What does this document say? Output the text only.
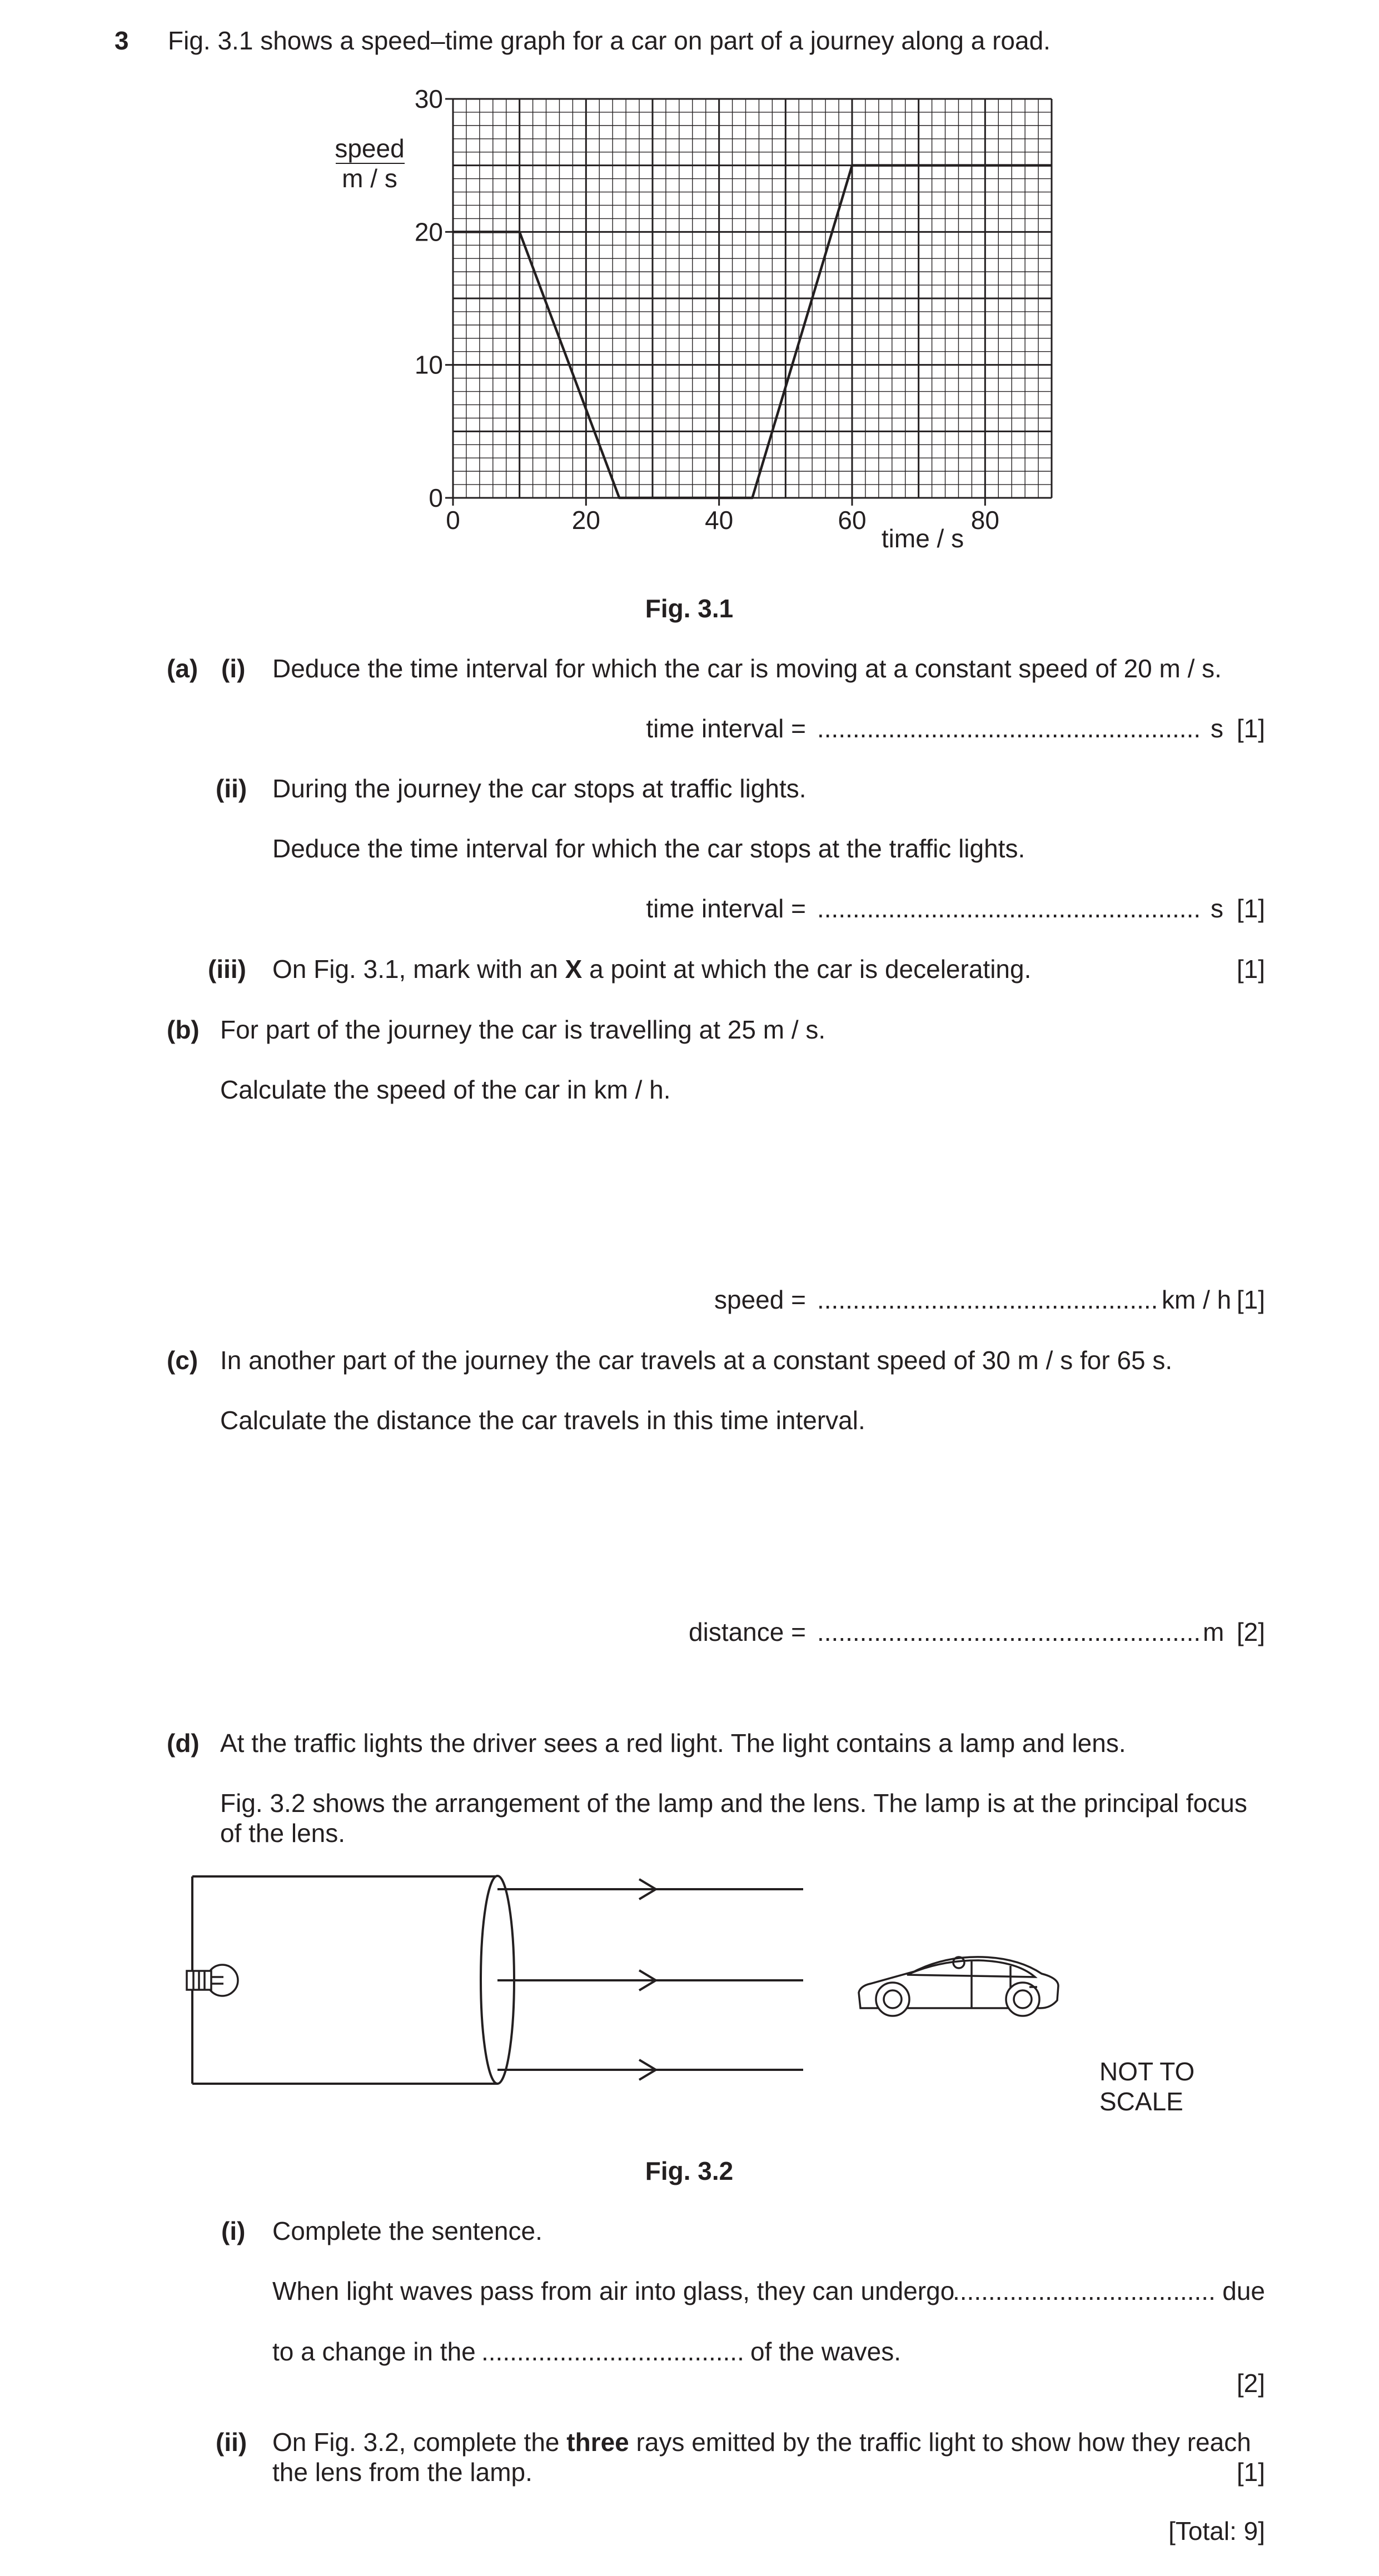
3 Fig. 3.1 shows a speed–time graph for a car on part of a journey along a road.
speed
m / s
0	20	40	60	80
0
10
20
30
time / s
Fig. 3.1
(a) (i) Deduce the time interval for which the car is moving at a constant speed of 20 m / s.
time interval = ...................................................... s [1]
(ii) During the journey the car stops at traffic lights.
Deduce the time interval for which the car stops at the traffic lights.
time interval = ...................................................... s [1]
(iii) On Fig. 3.1, mark with an X a point at which the car is decelerating.	[1]
(b) For part of the journey the car is travelling at 25 m / s.
Calculate the speed of the car in km / h.
speed = ................................................ km / h [1]
(c) In another part of the journey the car travels at a constant speed of 30 m / s for 65 s.
Calculate the distance the car travels in this time interval.
distance = ...................................................... m [2]
(d) At the traffic lights the driver sees a red light. The light contains a lamp and lens.
Fig. 3.2 shows the arrangement of the lamp and the lens. The lamp is at the principal focus of the lens.
NOT TO
SCALE
Fig. 3.2
(i) Complete the sentence.
When light waves pass from air into glass, they can undergo
..................................... due
to a change in the ..................................... of the waves.
[2]
(ii) On Fig. 3.2, complete the three rays emitted by the traffic light to show how they reach the lens from the lamp.	[1]
[Total: 9]
